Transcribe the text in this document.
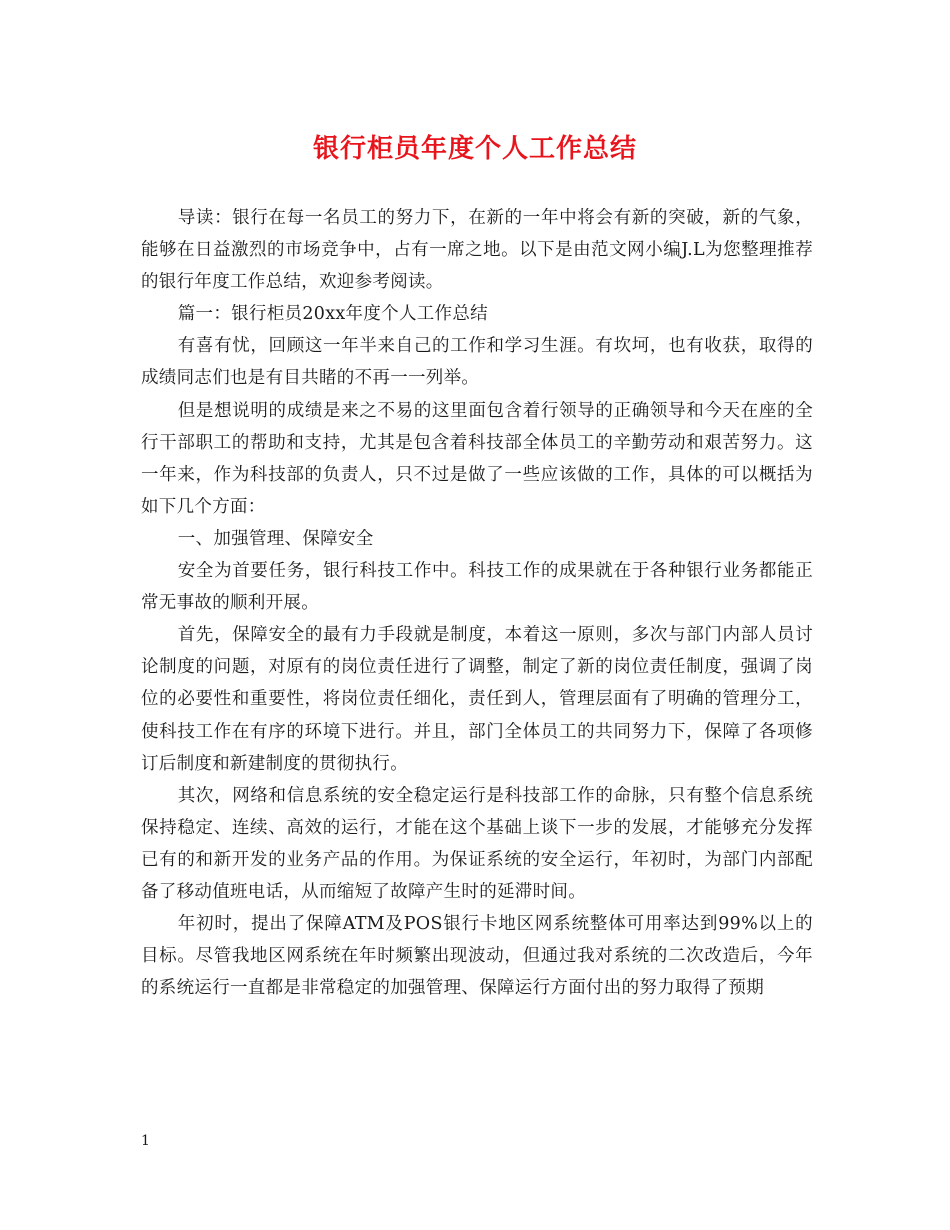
银行柜员年度个人工作总结

导读：银行在每一名员工的努力下，在新的一年中将会有新的突破，新的气象，能够在日益激烈的市场竞争中，占有一席之地。以下是由范文网小编J.L为您整理推荐的银行年度工作总结，欢迎参考阅读。

篇一：银行柜员20xx年度个人工作总结

有喜有忧，回顾这一年半来自己的工作和学习生涯。有坎坷，也有收获，取得的成绩同志们也是有目共睹的不再一一列举。

但是想说明的成绩是来之不易的这里面包含着行领导的正确领导和今天在座的全行干部职工的帮助和支持，尤其是包含着科技部全体员工的辛勤劳动和艰苦努力。这一年来，作为科技部的负责人，只不过是做了一些应该做的工作，具体的可以概括为如下几个方面：

一、加强管理、保障安全

安全为首要任务，银行科技工作中。科技工作的成果就在于各种银行业务都能正常无事故的顺利开展。

首先，保障安全的最有力手段就是制度，本着这一原则，多次与部门内部人员讨论制度的问题，对原有的岗位责任进行了调整，制定了新的岗位责任制度，强调了岗位的必要性和重要性，将岗位责任细化，责任到人，管理层面有了明确的管理分工，使科技工作在有序的环境下进行。并且，部门全体员工的共同努力下，保障了各项修订后制度和新建制度的贯彻执行。

其次，网络和信息系统的安全稳定运行是科技部工作的命脉，只有整个信息系统保持稳定、连续、高效的运行，才能在这个基础上谈下一步的发展，才能够充分发挥已有的和新开发的业务产品的作用。为保证系统的安全运行，年初时，为部门内部配备了移动值班电话，从而缩短了故障产生时的延滞时间。

年初时，提出了保障ATM及POS银行卡地区网系统整体可用率达到99%以上的目标。尽管我地区网系统在年时频繁出现波动，但通过我对系统的二次改造后，今年的系统运行一直都是非常稳定的加强管理、保障运行方面付出的努力取得了预期

1
